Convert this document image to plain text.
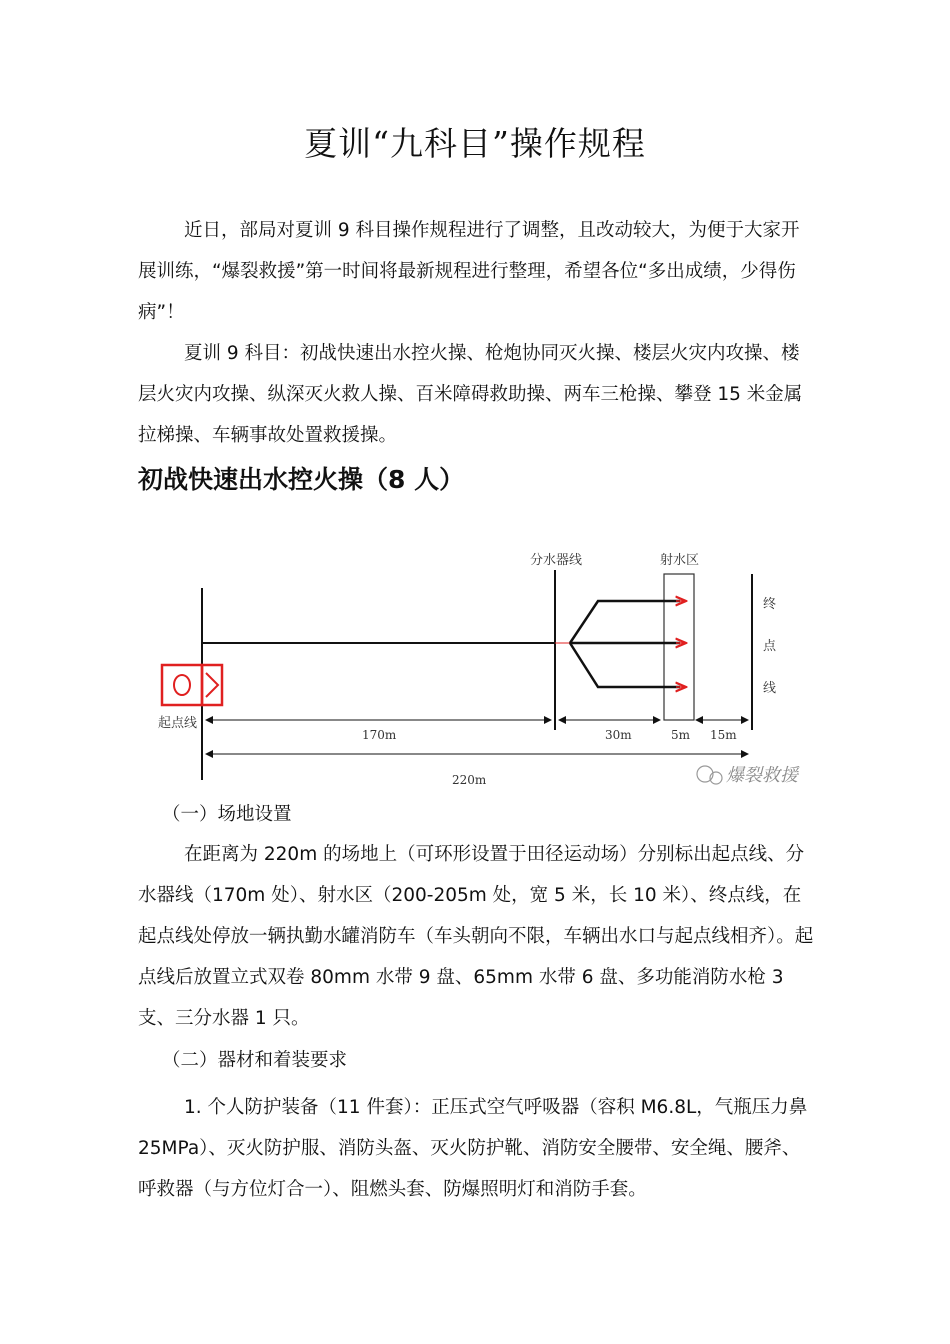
夏训“九科目”操作规程

近日，部局对夏训 9 科目操作规程进行了调整，且改动较大，为便于大家开展训练，“爆裂救援”第一时间将最新规程进行整理，希望各位“多出成绩，少得伤病”！

夏训 9 科目：初战快速出水控火操、枪炮协同灭火操、楼层火灾内攻操、楼层火灾内攻操、纵深灭火救人操、百米障碍救助操、两车三枪操、攀登 15 米金属拉梯操、车辆事故处置救援操。

初战快速出水控火操（8 人）
分水器线	射水区
终
点
线
起点线
170m	30m	5m 15m
220m	爆裂救援

（一）场地设置

在距离为 220m 的场地上（可环形设置于田径运动场）分别标出起点线、分水器线（170m 处）、射水区（200-205m 处，宽 5 米，长 10 米）、终点线，在起点线处停放一辆执勤水罐消防车（车头朝向不限，车辆出水口与起点线相齐）。起点线后放置立式双卷 80mm 水带 9 盘、65mm 水带 6 盘、多功能消防水枪 3 支、三分水器 1 只。

（二）器材和着装要求

1. 个人防护装备（11 件套）：正压式空气呼吸器（容积 M6.8L，气瓶压力鼻 25MPa）、灭火防护服、消防头盔、灭火防护靴、消防安全腰带、安全绳、腰斧、呼救器（与方位灯合一）、阻燃头套、防爆照明灯和消防手套。
